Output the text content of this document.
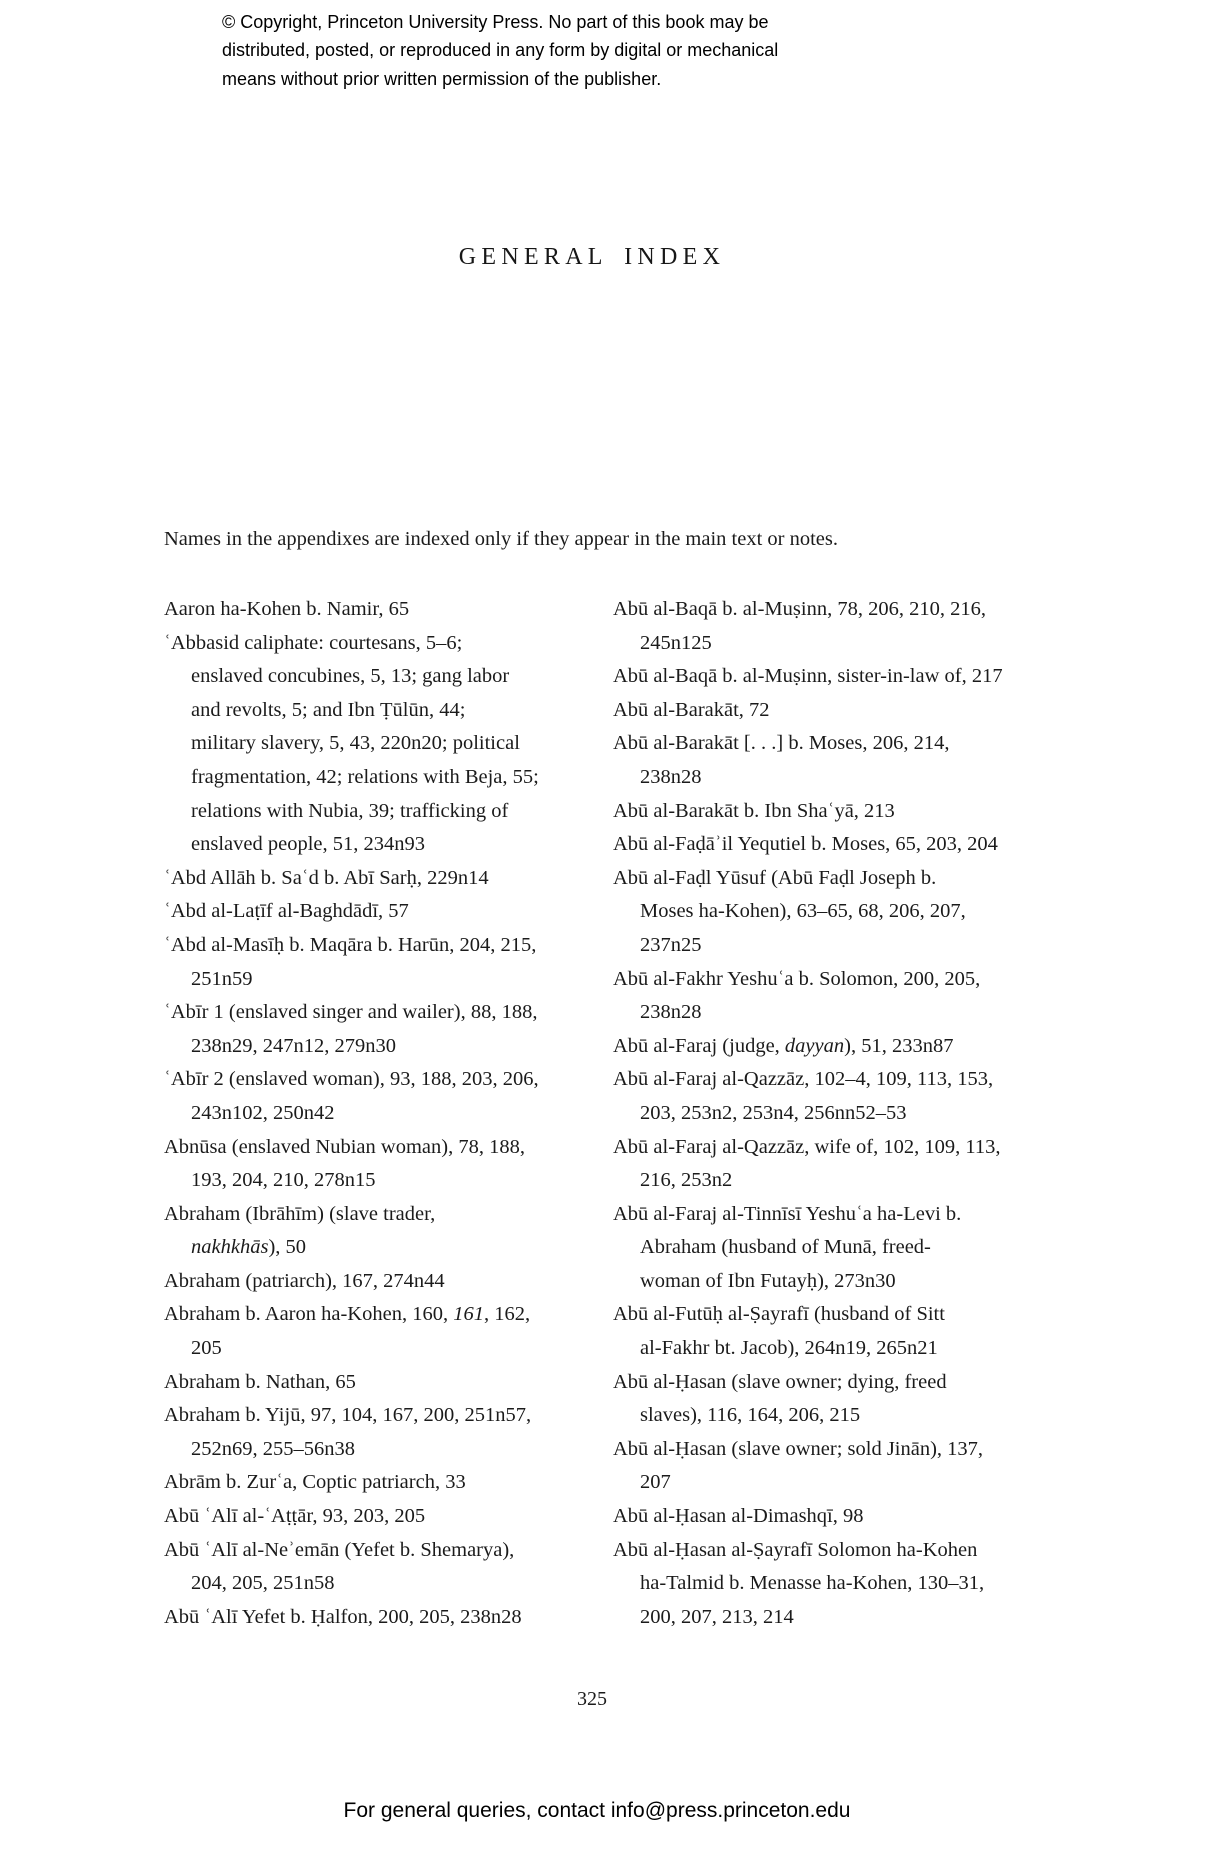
© Copyright, Princeton University Press. No part of this book may be
distributed, posted, or reproduced in any form by digital or mechanical
means without prior written permission of the publisher.
GENERAL INDEX

Names in the appendixes are indexed only if they appear in the main text or notes.

Aaron ha-Kohen b. Namir, 65
ʿAbbasid caliphate: courtesans, 5–6;
enslaved concubines, 5, 13; gang labor
and revolts, 5; and Ibn Ṭūlūn, 44;
military slavery, 5, 43, 220n20; political
fragmentation, 42; relations with Beja, 55;
relations with Nubia, 39; trafficking of
enslaved people, 51, 234n93
ʿAbd Allāh b. Saʿd b. Abī Sarḥ, 229n14
ʿAbd al-Laṭīf al-Baghdādī, 57
ʿAbd al-Masīḥ b. Maqāra b. Harūn, 204, 215,
251n59
ʿAbīr 1 (enslaved singer and wailer), 88, 188,
238n29, 247n12, 279n30
ʿAbīr 2 (enslaved woman), 93, 188, 203, 206,
243n102, 250n42
Abnūsa (enslaved Nubian woman), 78, 188,
193, 204, 210, 278n15
Abraham (Ibrāhīm) (slave trader,
nakhkhās), 50
Abraham (patriarch), 167, 274n44
Abraham b. Aaron ha-Kohen, 160, 161, 162,
205
Abraham b. Nathan, 65
Abraham b. Yijū, 97, 104, 167, 200, 251n57,
252n69, 255–56n38
Abrām b. Zurʿa, Coptic patriarch, 33
Abū ʿAlī al-ʿAṭṭār, 93, 203, 205
Abū ʿAlī al-Neʾemān (Yefet b. Shemarya),
204, 205, 251n58
Abū ʿAlī Yefet b. Ḥalfon, 200, 205, 238n28
Abū al-Baqā b. al-Muṣinn, 78, 206, 210, 216,
245n125
Abū al-Baqā b. al-Muṣinn, sister-in-law of, 217
Abū al-Barakāt, 72
Abū al-Barakāt [. . .] b. Moses, 206, 214,
238n28
Abū al-Barakāt b. Ibn Shaʿyā, 213
Abū al-Faḍāʾil Yequtiel b. Moses, 65, 203, 204
Abū al-Faḍl Yūsuf (Abū Faḍl Joseph b.
Moses ha-Kohen), 63–65, 68, 206, 207,
237n25
Abū al-Fakhr Yeshuʿa b. Solomon, 200, 205,
238n28
Abū al-Faraj (judge, dayyan), 51, 233n87
Abū al-Faraj al-Qazzāz, 102–4, 109, 113, 153,
203, 253n2, 253n4, 256nn52–53
Abū al-Faraj al-Qazzāz, wife of, 102, 109, 113,
216, 253n2
Abū al-Faraj al-Tinnīsī Yeshuʿa ha-Levi b.
Abraham (husband of Munā, freed-
woman of Ibn Futayḥ), 273n30
Abū al-Futūḥ al-Ṣayrafī (husband of Sitt
al-Fakhr bt. Jacob), 264n19, 265n21
Abū al-Ḥasan (slave owner; dying, freed
slaves), 116, 164, 206, 215
Abū al-Ḥasan (slave owner; sold Jinān), 137,
207
Abū al-Ḥasan al-Dimashqī, 98
Abū al-Ḥasan al-Ṣayrafī Solomon ha-Kohen
ha-Talmid b. Menasse ha-Kohen, 130–31,
200, 207, 213, 214
325
For general queries, contact info@press.princeton.edu
